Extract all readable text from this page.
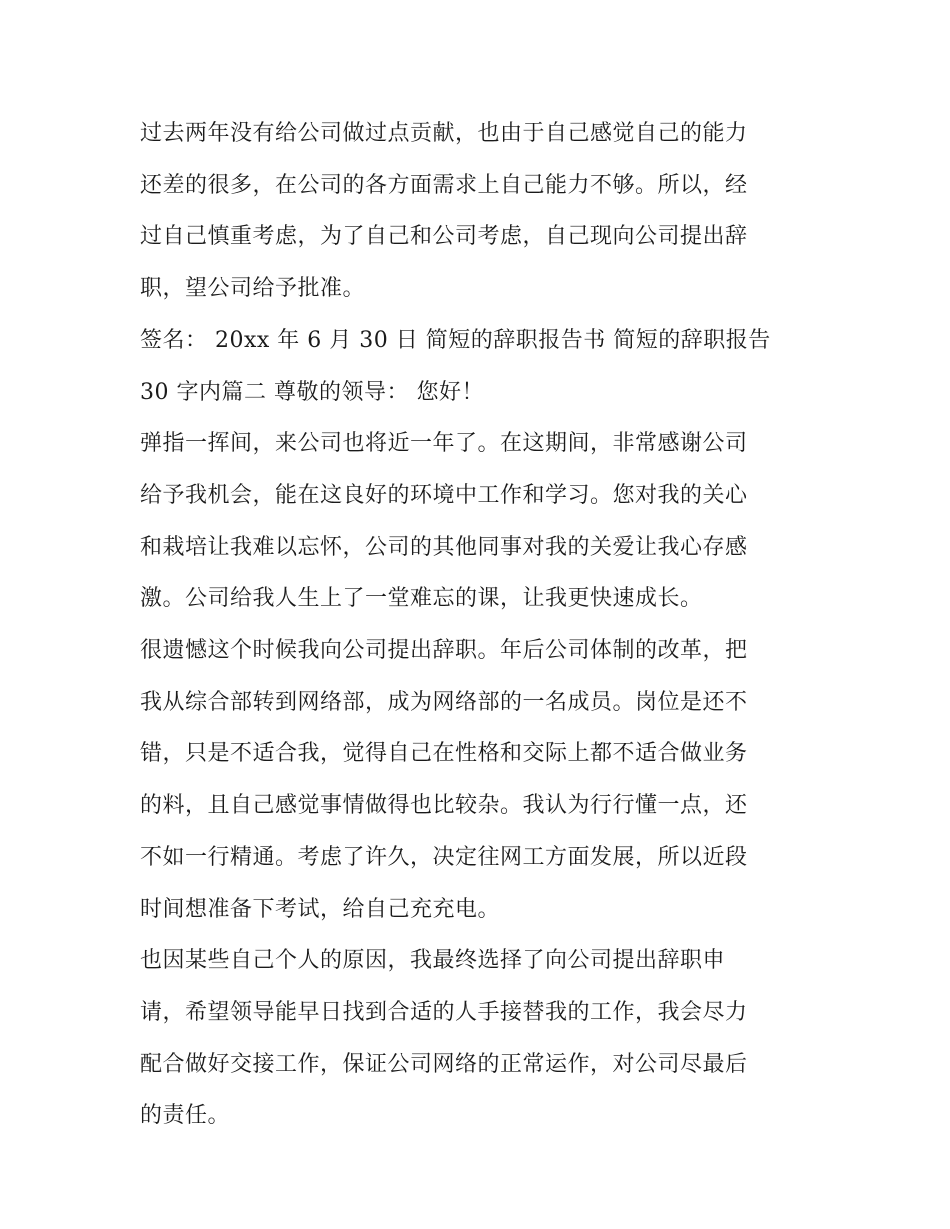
过去两年没有给公司做过点贡献，也由于自己感觉自己的能力
还差的很多，在公司的各方面需求上自己能力不够。所以，经
过自己慎重考虑，为了自己和公司考虑，自己现向公司提出辞
职，望公司给予批准。

签名： 20xx 年 6 月 30 日 简短的辞职报告书 简短的辞职报告
30 字内篇二 尊敬的领导： 您好！

弹指一挥间，来公司也将近一年了。在这期间，非常感谢公司
给予我机会，能在这良好的环境中工作和学习。您对我的关心
和栽培让我难以忘怀，公司的其他同事对我的关爱让我心存感
激。公司给我人生上了一堂难忘的课，让我更快速成长。

很遗憾这个时候我向公司提出辞职。年后公司体制的改革，把
我从综合部转到网络部，成为网络部的一名成员。岗位是还不
错，只是不适合我，觉得自己在性格和交际上都不适合做业务
的料，且自己感觉事情做得也比较杂。我认为行行懂一点，还
不如一行精通。考虑了许久，决定往网工方面发展，所以近段
时间想准备下考试，给自己充充电。

也因某些自己个人的原因，我最终选择了向公司提出辞职申
请，希望领导能早日找到合适的人手接替我的工作，我会尽力
配合做好交接工作，保证公司网络的正常运作，对公司尽最后
的责任。
